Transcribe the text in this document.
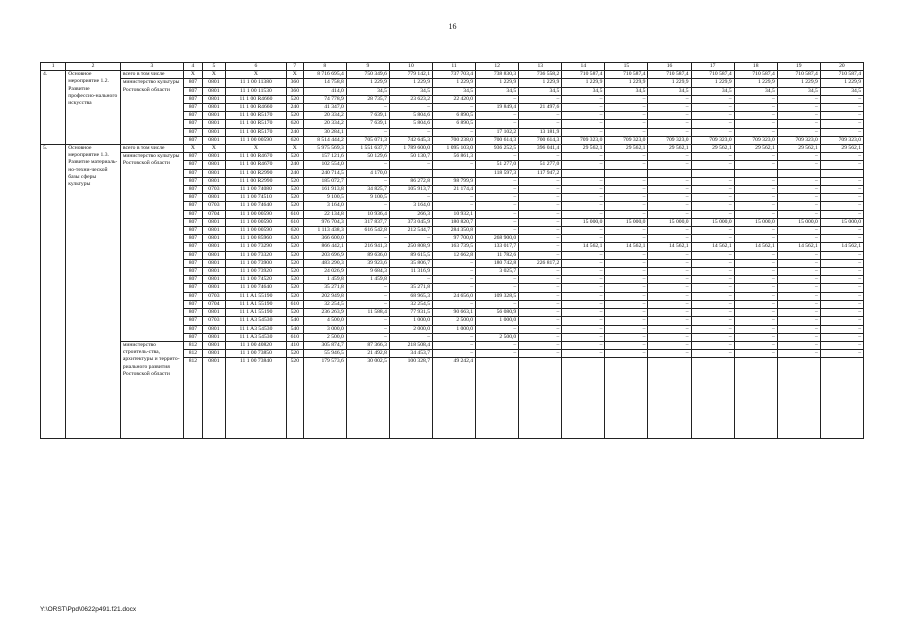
16
1	2	3	4	5	6	7	8	9	10	11	12	13	14	15	16	17	18	19	20
4.	Основное мероприятие 1.2. Развитие профессио-нального искусства	всего в том числе	Х	Х	Х	Х	8 716 695,4	750 349,6	779 142,1	737 703,4	738 830,3	736 558,2	710 587,4	710 587,4	710 587,4	710 587,4	710 587,4	710 587,4	710 587,4
		министерство культуры Ростовской области	807	0801	11 1 00 11380	360	14 758,8	1 229,9	1 229,9	1 229,9	1 229,9	1 229,9	1 229,9	1 229,9	1 229,9	1 229,9	1 229,9	1 229,9	1 229,9
			807	0801	11 1 00 11530	360	414,0	34,5	34,5	34,5	34,5	34,5	34,5	34,5	34,5	34,5	34,5	34,5	34,5
			807	0801	11 1 00 R4660	520	74 778,9	28 735,7	23 623,2	22 420,0	–	–	–	–	–	–	–	–	–
			807	0801	11 1 00 R4660	240	41 347,0	–	–	–	19 849,4	21 497,6	–	–	–	–	–	–	–
			807	0801	11 1 00 R5170	520	20 334,2	7 639,1	5 804,6	6 890,5	–	–	–	–	–	–	–	–	–
			807	0801	11 1 00 R5170	620	20 334,2	7 639,1	5 804,6	6 890,5	–	–	–	–	–	–	–	–	–
			807	0801	11 1 00 R5170	240	30 284,1	–	–	–	17 102,2	13 181,9	–	–	–	–	–	–	–
			807	0801	11 1 00 00590	620	8 514 444,2	705 071,3	742 645,3	700 238,0	700 614,3	700 614,3	709 323,0	709 323,0	709 323,0	709 323,0	709 323,0	709 323,0	709 323,0
5.	Основное мероприятие 1.3. Развитие материаль-но-техни-ческой базы сферы культуры	всего в том числе	Х	Х	Х	Х	5 975 569,3	1 551 637,7	1 789 600,0	1 095 103,0	936 252,5	396 041,4	29 562,1	29 562,1	29 562,1	29 562,1	29 562,1	29 562,1	29 562,1
		министерство культуры Ростовской области	807	0801	11 1 00 R4670	520	157 121,6	50 129,6	50 130,7	56 861,3	–	–	–	–	–	–	–	–	–
			807	0801	11 1 00 R4670	240	102 554,0	–	–	–	51 277,0	51 277,0	–	–	–	–	–	–	–
			807	0801	11 1 00 R2990	240	240 714,5	4 170,0			118 597,3	117 947,2							
			807	0801	11 1 00 R2990	520	185 072,7	–	86 272,8	98 799,9	–	–	–	–	–	–	–	–	–
			807	0703	11 1 00 74080	520	161 913,8	34 825,7	105 913,7	21 174,4	–	–	–	–	–	–	–	–	–
			807	0801	11 1 00 74510	520	9 100,5	9 100,5	–	–	–	–	–	–	–	–	–	–	–
			807	0703	11 1 00 74640	520	3 164,0	–	3 164,0	–	–	–	–	–	–	–	–	–	–
			807	0704	11 1 00 00590	610	22 134,8	10 936,4	266,3	10 932,1	–	–	–	–	–	–	–	–	–
			807	0801	11 1 00 00590	610	976 704,3	317 837,7	373 045,9	180 820,7	–	–	15 000,0	15 000,0	15 000,0	15 000,0	15 000,0	15 000,0	15 000,0
			807	0801	11 1 00 00590	620	1 113 438,3	616 542,8	212 544,7	284 350,8	–	–	–	–	–	–	–	–	–
			807	0801	11 1 00 85960	620	366 600,0	–	–	97 700,0	268 900,0	–	–	–	–	–	–	–	–
			807	0801	11 1 00 73290	520	866 442,1	216 941,3	250 808,9	163 739,5	133 017,7	–	14 562,1	14 562,1	14 562,1	14 562,1	14 562,1	14 562,1	14 562,1
			807	0801	11 1 00 73320	520	203 696,9	89 636,0	89 615,5	12 662,8	11 782,6	–	–	–	–	–	–	–	–
			807	0801	11 1 00 73900	520	483 290,3	39 923,6	35 806,7	–	180 742,8	226 817,2	–	–	–	–	–	–	–
			807	0801	11 1 00 73920	520	24 026,9	9 684,3	11 316,9	–	3 025,7	–	–	–	–	–	–	–	–
			807	0801	11 1 00 74520	520	1 459,8	1 459,8	–	–	–	–	–	–	–	–	–	–	–
			807	0801	11 1 00 74640	520	35 271,8	–	35 271,8	–	–	–	–	–	–	–	–	–	–
			807	0703	11 1 A1 55190	520	202 949,8	–	68 965,3	24 656,0	109 328,5	–	–	–	–	–	–	–	–
			807	0704	11 1 A1 55190	610	32 254,5	–	32 254,5	–	–	–	–	–	–	–	–	–	–
			807	0801	11 1 A1 55190	520	236 263,9	11 588,4	77 931,5	90 663,1	56 080,9	–	–	–	–	–	–	–	–
			807	0703	11 1 A3 54530	540	4 500,0	–	1 000,0	2 500,0	1 000,0	–	–	–	–	–	–	–	–
			807	0801	11 1 A3 54530	540	3 000,0	–	2 000,0	1 000,0	–	–	–	–	–	–	–	–	–
			807	0801	11 1 A3 54530	610	2 500,0	–	–	–	2 500,0	–	–	–	–	–	–	–	–
		министерство строитель-ства, архитектуры и террито-риального развития Ростовской области	812	0801	11 1 00 40820	410	305 874,7	87 366,3	218 508,4	–	–	–	–	–	–	–	–	–	–
			812	0801	11 1 00 73850	520	55 946,5	21 492,8	34 453,7	–	–	–	–	–	–	–	–	–	–
			812	0801	11 1 00 73840	520	179 573,6	30 002,5	100 328,7	49 242,4									
Y:\ORST\Ppd\0622p491.f21.docx
